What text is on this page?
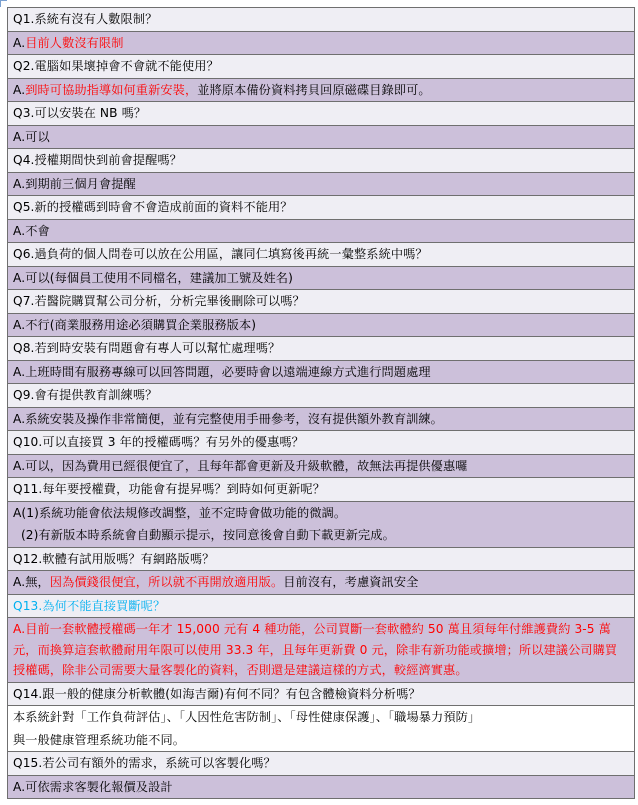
Q1.系統有沒有人數限制？
A.目前人數沒有限制
Q2.電腦如果壞掉會不會就不能使用？
A.到時可協助指導如何重新安裝，並將原本備份資料拷貝回原磁碟目錄即可。
Q3.可以安裝在 NB 嗎？
A.可以
Q4.授權期間快到前會提醒嗎？
A.到期前三個月會提醒
Q5.新的授權碼到時會不會造成前面的資料不能用？
A.不會
Q6.過負荷的個人問卷可以放在公用區，讓同仁填寫後再統一彙整系統中嗎？
A.可以(每個員工使用不同檔名，建議加工號及姓名)
Q7.若醫院購買幫公司分析，分析完畢後刪除可以嗎？
A.不行(商業服務用途必須購買企業服務版本)
Q8.若到時安裝有問題會有專人可以幫忙處理嗎？
A.上班時間有服務專線可以回答問題，必要時會以遠端連線方式進行問題處理
Q9.會有提供教育訓練嗎？
A.系統安裝及操作非常簡便，並有完整使用手冊參考，沒有提供額外教育訓練。
Q10.可以直接買 3 年的授權碼嗎？有另外的優惠嗎？
A.可以，因為費用已經很便宜了，且每年都會更新及升級軟體，故無法再提供優惠囉
Q11.每年要授權費，功能會有提昇嗎？到時如何更新呢？
A(1)系統功能會依法規修改調整，並不定時會做功能的微調。
(2)有新版本時系統會自動顯示提示，按同意後會自動下載更新完成。
Q12.軟體有試用版嗎？有網路版嗎？
A.無，因為價錢很便宜，所以就不再開放適用版。目前沒有，考慮資訊安全
Q13.為何不能直接買斷呢？
A.目前一套軟體授權碼一年才 15,000 元有 4 種功能，公司買斷一套軟體約 50 萬且須每年付維護費約 3-5 萬元，而換算這套軟體耐用年限可以使用 33.3 年，且每年更新費 0 元，除非有新功能或擴增；所以建議公司購買授權碼，除非公司需要大量客製化的資料，否則還是建議這樣的方式，較經濟實惠。
Q14.跟一般的健康分析軟體(如海吉爾)有何不同？有包含體檢資料分析嗎？
本系統針對「工作負荷評估」、「人因性危害防制」、「母性健康保護」、「職場暴力預防」
與一般健康管理系統功能不同。
Q15.若公司有額外的需求，系統可以客製化嗎？
A.可依需求客製化報價及設計
